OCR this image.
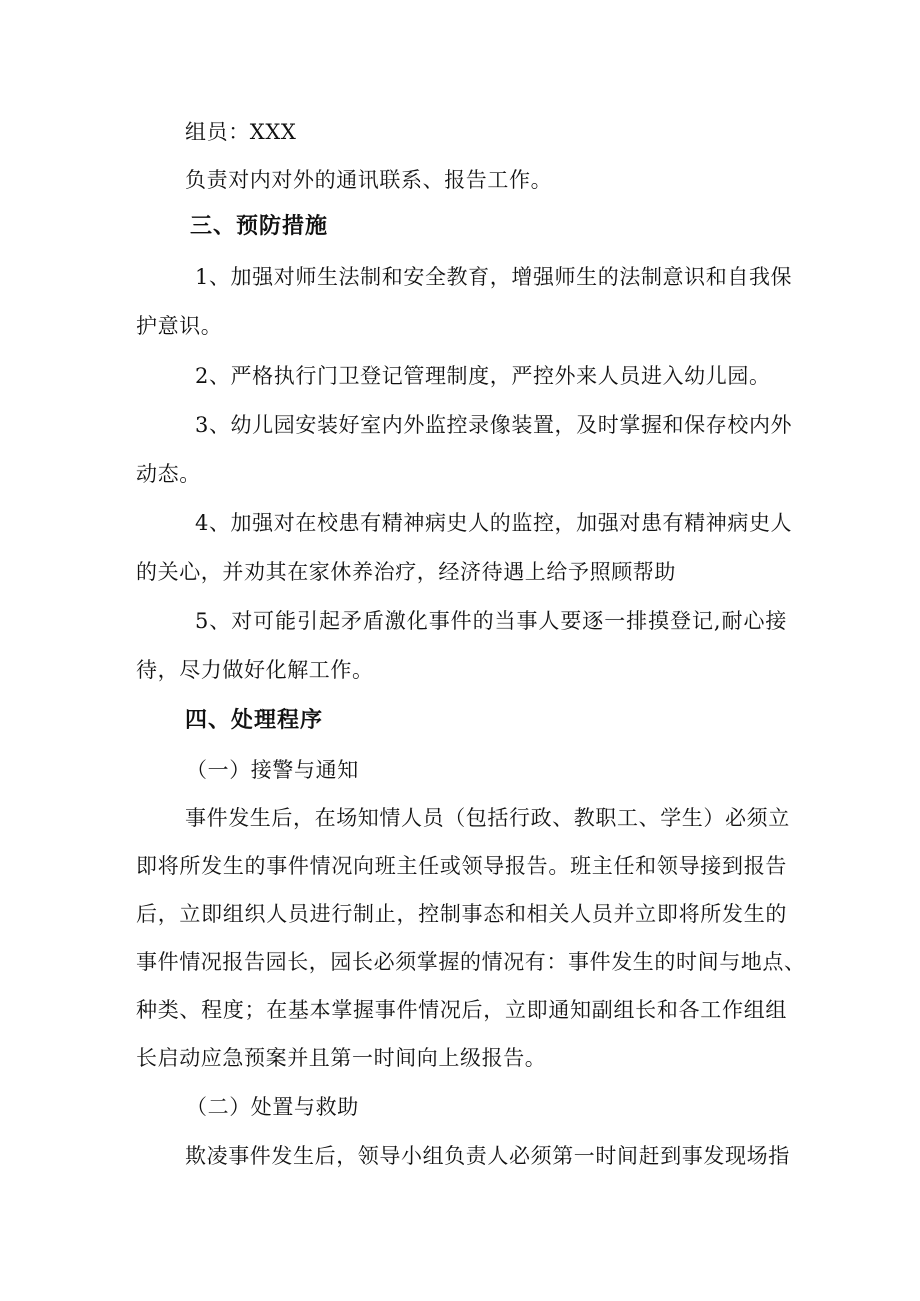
组员：XXX
负责对内对外的通讯联系、报告工作。
三、预防措施
1、加强对师生法制和安全教育，增强师生的法制意识和自我保
护意识。
2、严格执行门卫登记管理制度，严控外来人员进入幼儿园。
3、幼儿园安装好室内外监控录像装置，及时掌握和保存校内外
动态。
4、加强对在校患有精神病史人的监控，加强对患有精神病史人
的关心，并劝其在家休养治疗，经济待遇上给予照顾帮助
5、对可能引起矛盾激化事件的当事人要逐一排摸登记,耐心接
待，尽力做好化解工作。
四、处理程序
（一）接警与通知
事件发生后，在场知情人员（包括行政、教职工、学生）必须立
即将所发生的事件情况向班主任或领导报告。班主任和领导接到报告
后，立即组织人员进行制止，控制事态和相关人员并立即将所发生的
事件情况报告园长，园长必须掌握的情况有：事件发生的时间与地点、
种类、程度；在基本掌握事件情况后，立即通知副组长和各工作组组
长启动应急预案并且第一时间向上级报告。
（二）处置与救助
欺凌事件发生后，领导小组负责人必须第一时间赶到事发现场指
